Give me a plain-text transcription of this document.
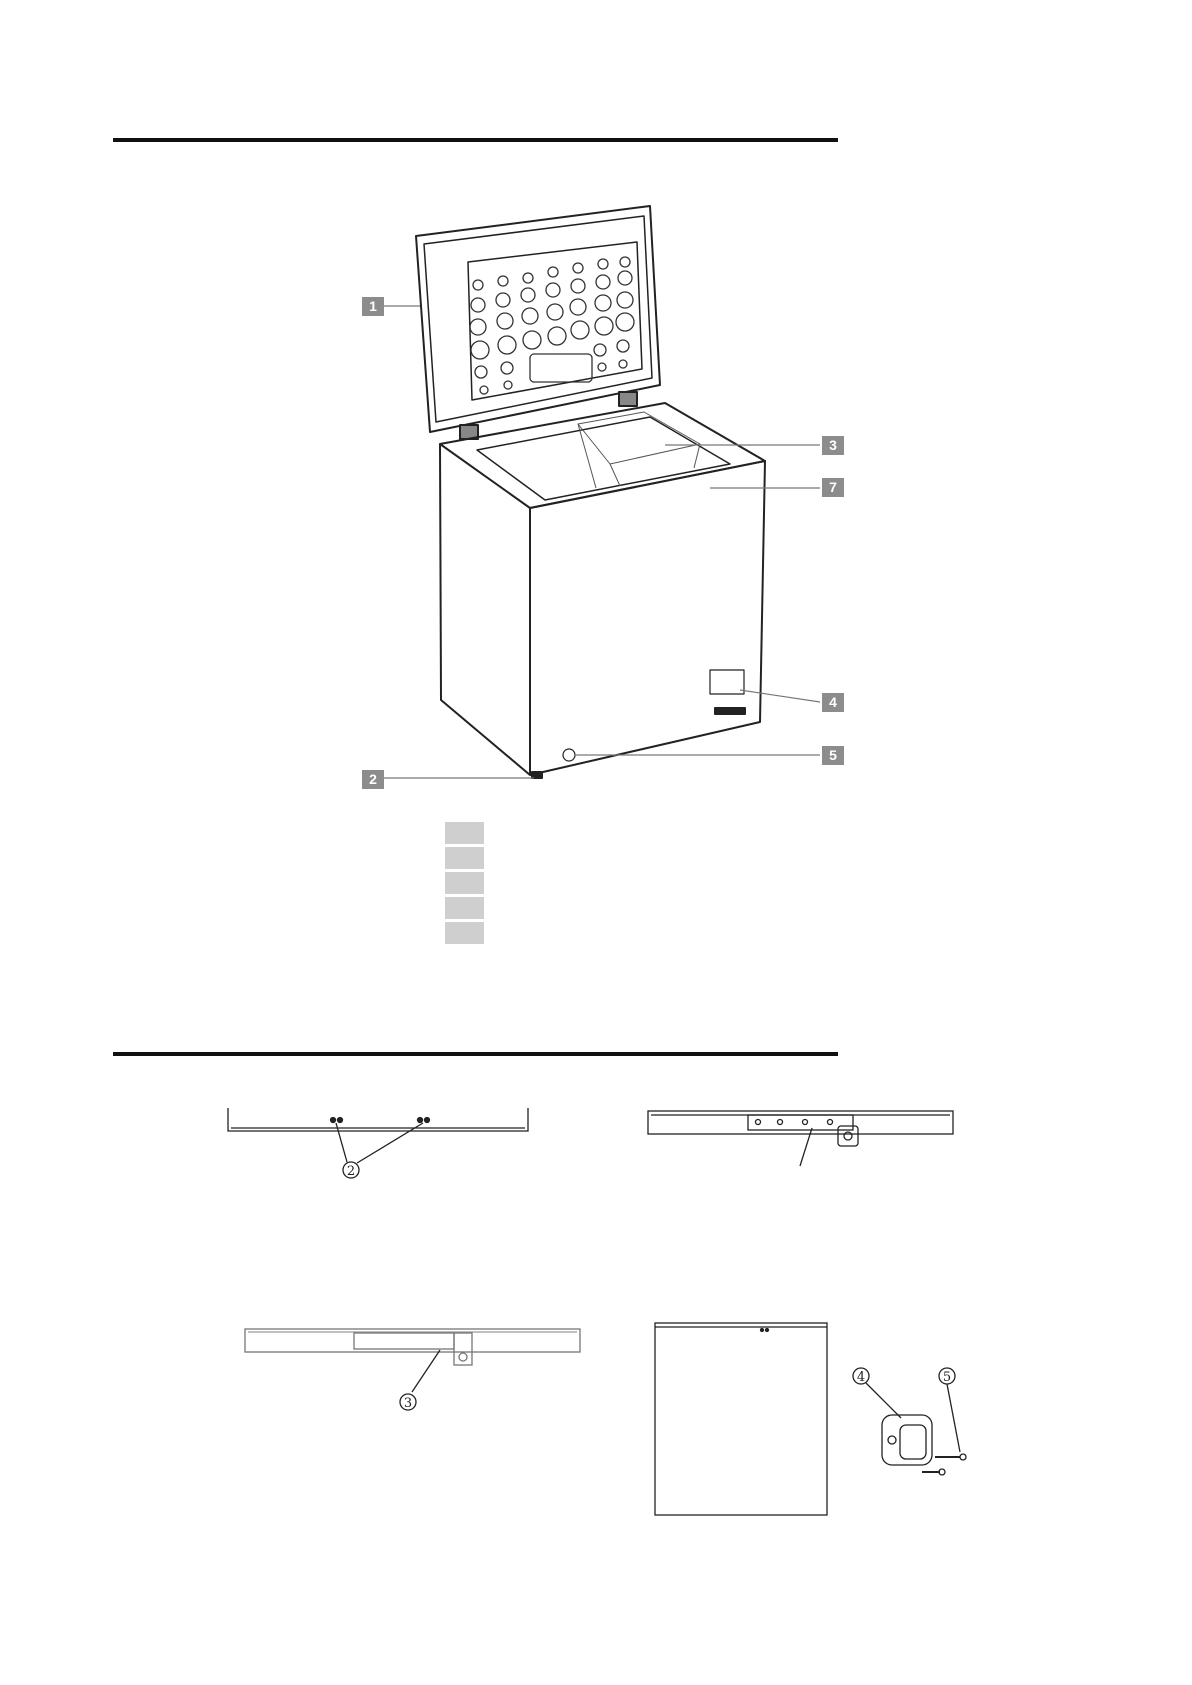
1
2
3
7
4
5
2
3
4	5
